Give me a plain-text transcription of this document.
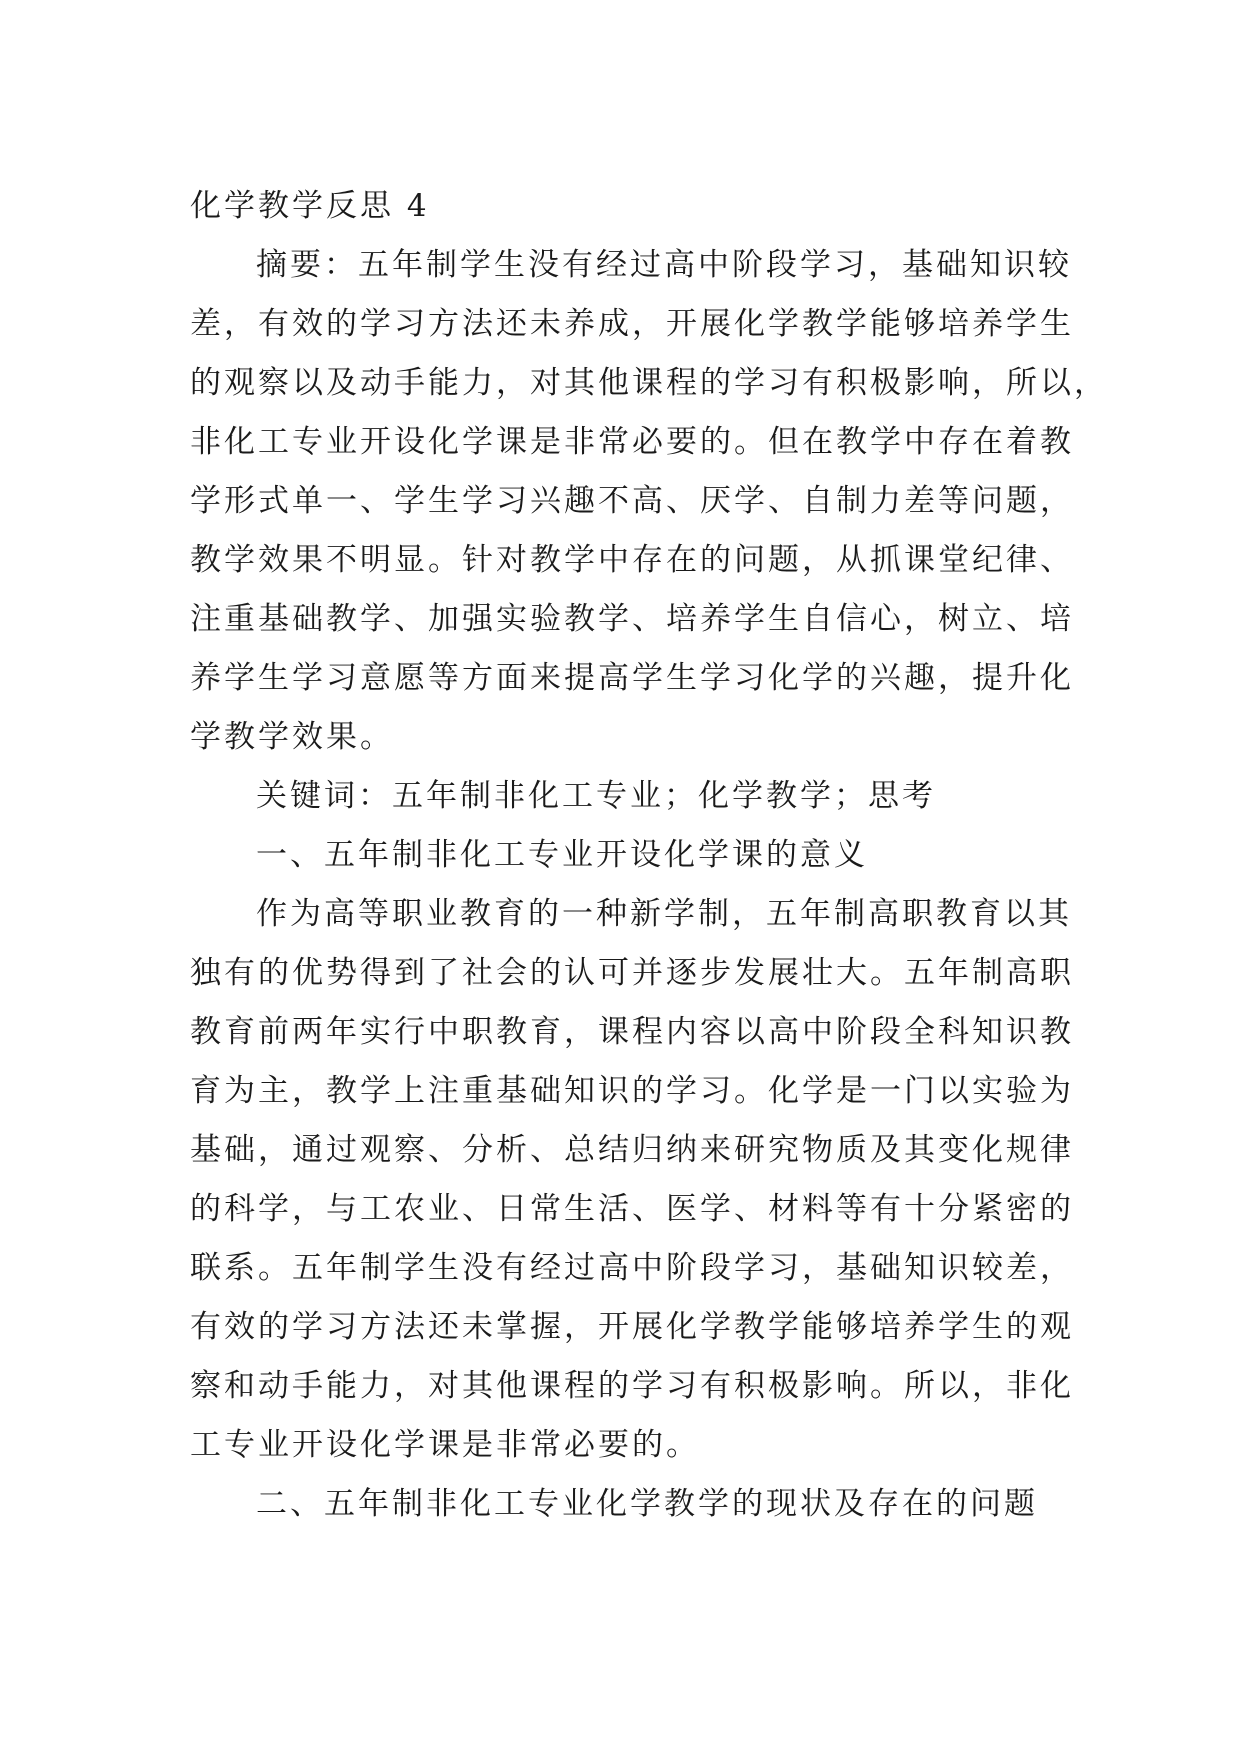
化学教学反思 4
摘要：五年制学生没有经过高中阶段学习，基础知识较
差，有效的学习方法还未养成，开展化学教学能够培养学生
的观察以及动手能力，对其他课程的学习有积极影响，所以，
非化工专业开设化学课是非常必要的。但在教学中存在着教
学形式单一、学生学习兴趣不高、厌学、自制力差等问题，
教学效果不明显。针对教学中存在的问题，从抓课堂纪律、
注重基础教学、加强实验教学、培养学生自信心，树立、培
养学生学习意愿等方面来提高学生学习化学的兴趣，提升化
学教学效果。
关键词：五年制非化工专业；化学教学；思考
一、五年制非化工专业开设化学课的意义
作为高等职业教育的一种新学制，五年制高职教育以其
独有的优势得到了社会的认可并逐步发展壮大。五年制高职
教育前两年实行中职教育，课程内容以高中阶段全科知识教
育为主，教学上注重基础知识的学习。化学是一门以实验为
基础，通过观察、分析、总结归纳来研究物质及其变化规律
的科学，与工农业、日常生活、医学、材料等有十分紧密的
联系。五年制学生没有经过高中阶段学习，基础知识较差，
有效的学习方法还未掌握，开展化学教学能够培养学生的观
察和动手能力，对其他课程的学习有积极影响。所以，非化
工专业开设化学课是非常必要的。
二、五年制非化工专业化学教学的现状及存在的问题
